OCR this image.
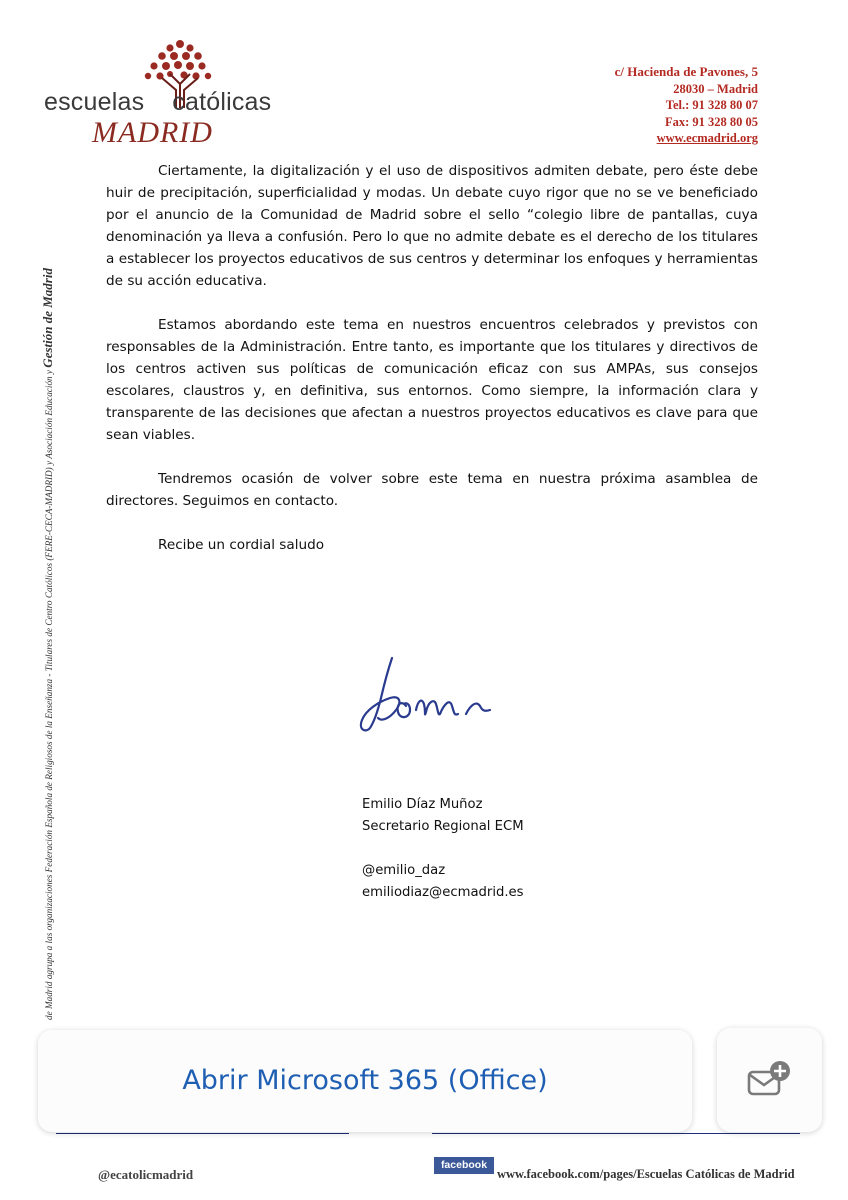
escuelas católicas
MADRID
c/ Hacienda de Pavones, 5
28030 – Madrid
Tel.: 91 328 80 07
Fax: 91 328 80 05
www.ecmadrid.org
de Madrid agrupa a las organizaciones Federación Española de Religiosos de la Enseñanza - Titulares de Centro Católicos (FERE-CECA-MADRID) y Asociación Educación y Gestión de Madrid

Ciertamente, la digitalización y el uso de dispositivos admiten debate, pero éste debe huir de precipitación, superficialidad y modas. Un debate cuyo rigor que no se ve beneficiado por el anuncio de la Comunidad de Madrid sobre el sello “colegio libre de pantallas, cuya denominación ya lleva a confusión. Pero lo que no admite debate es el derecho de los titulares a establecer los proyectos educativos de sus centros y determinar los enfoques y herramientas de su acción educativa.

Estamos abordando este tema en nuestros encuentros celebrados y previstos con responsables de la Administración. Entre tanto, es importante que los titulares y directivos de los centros activen sus políticas de comunicación eficaz con sus AMPAs, sus consejos escolares, claustros y, en definitiva, sus entornos. Como siempre, la información clara y transparente de las decisiones que afectan a nuestros proyectos educativos es clave para que sean viables.

Tendremos ocasión de volver sobre este tema en nuestra próxima asamblea de directores. Seguimos en contacto.

Recibe un cordial saludo

Emilio Díaz Muñoz
Secretario Regional ECM
@emilio_daz
emiliodiaz@ecmadrid.es
@ecatolicmadrid
facebook
www.facebook.com/pages/Escuelas Católicas de Madrid
Abrir Microsoft 365 (Office)
